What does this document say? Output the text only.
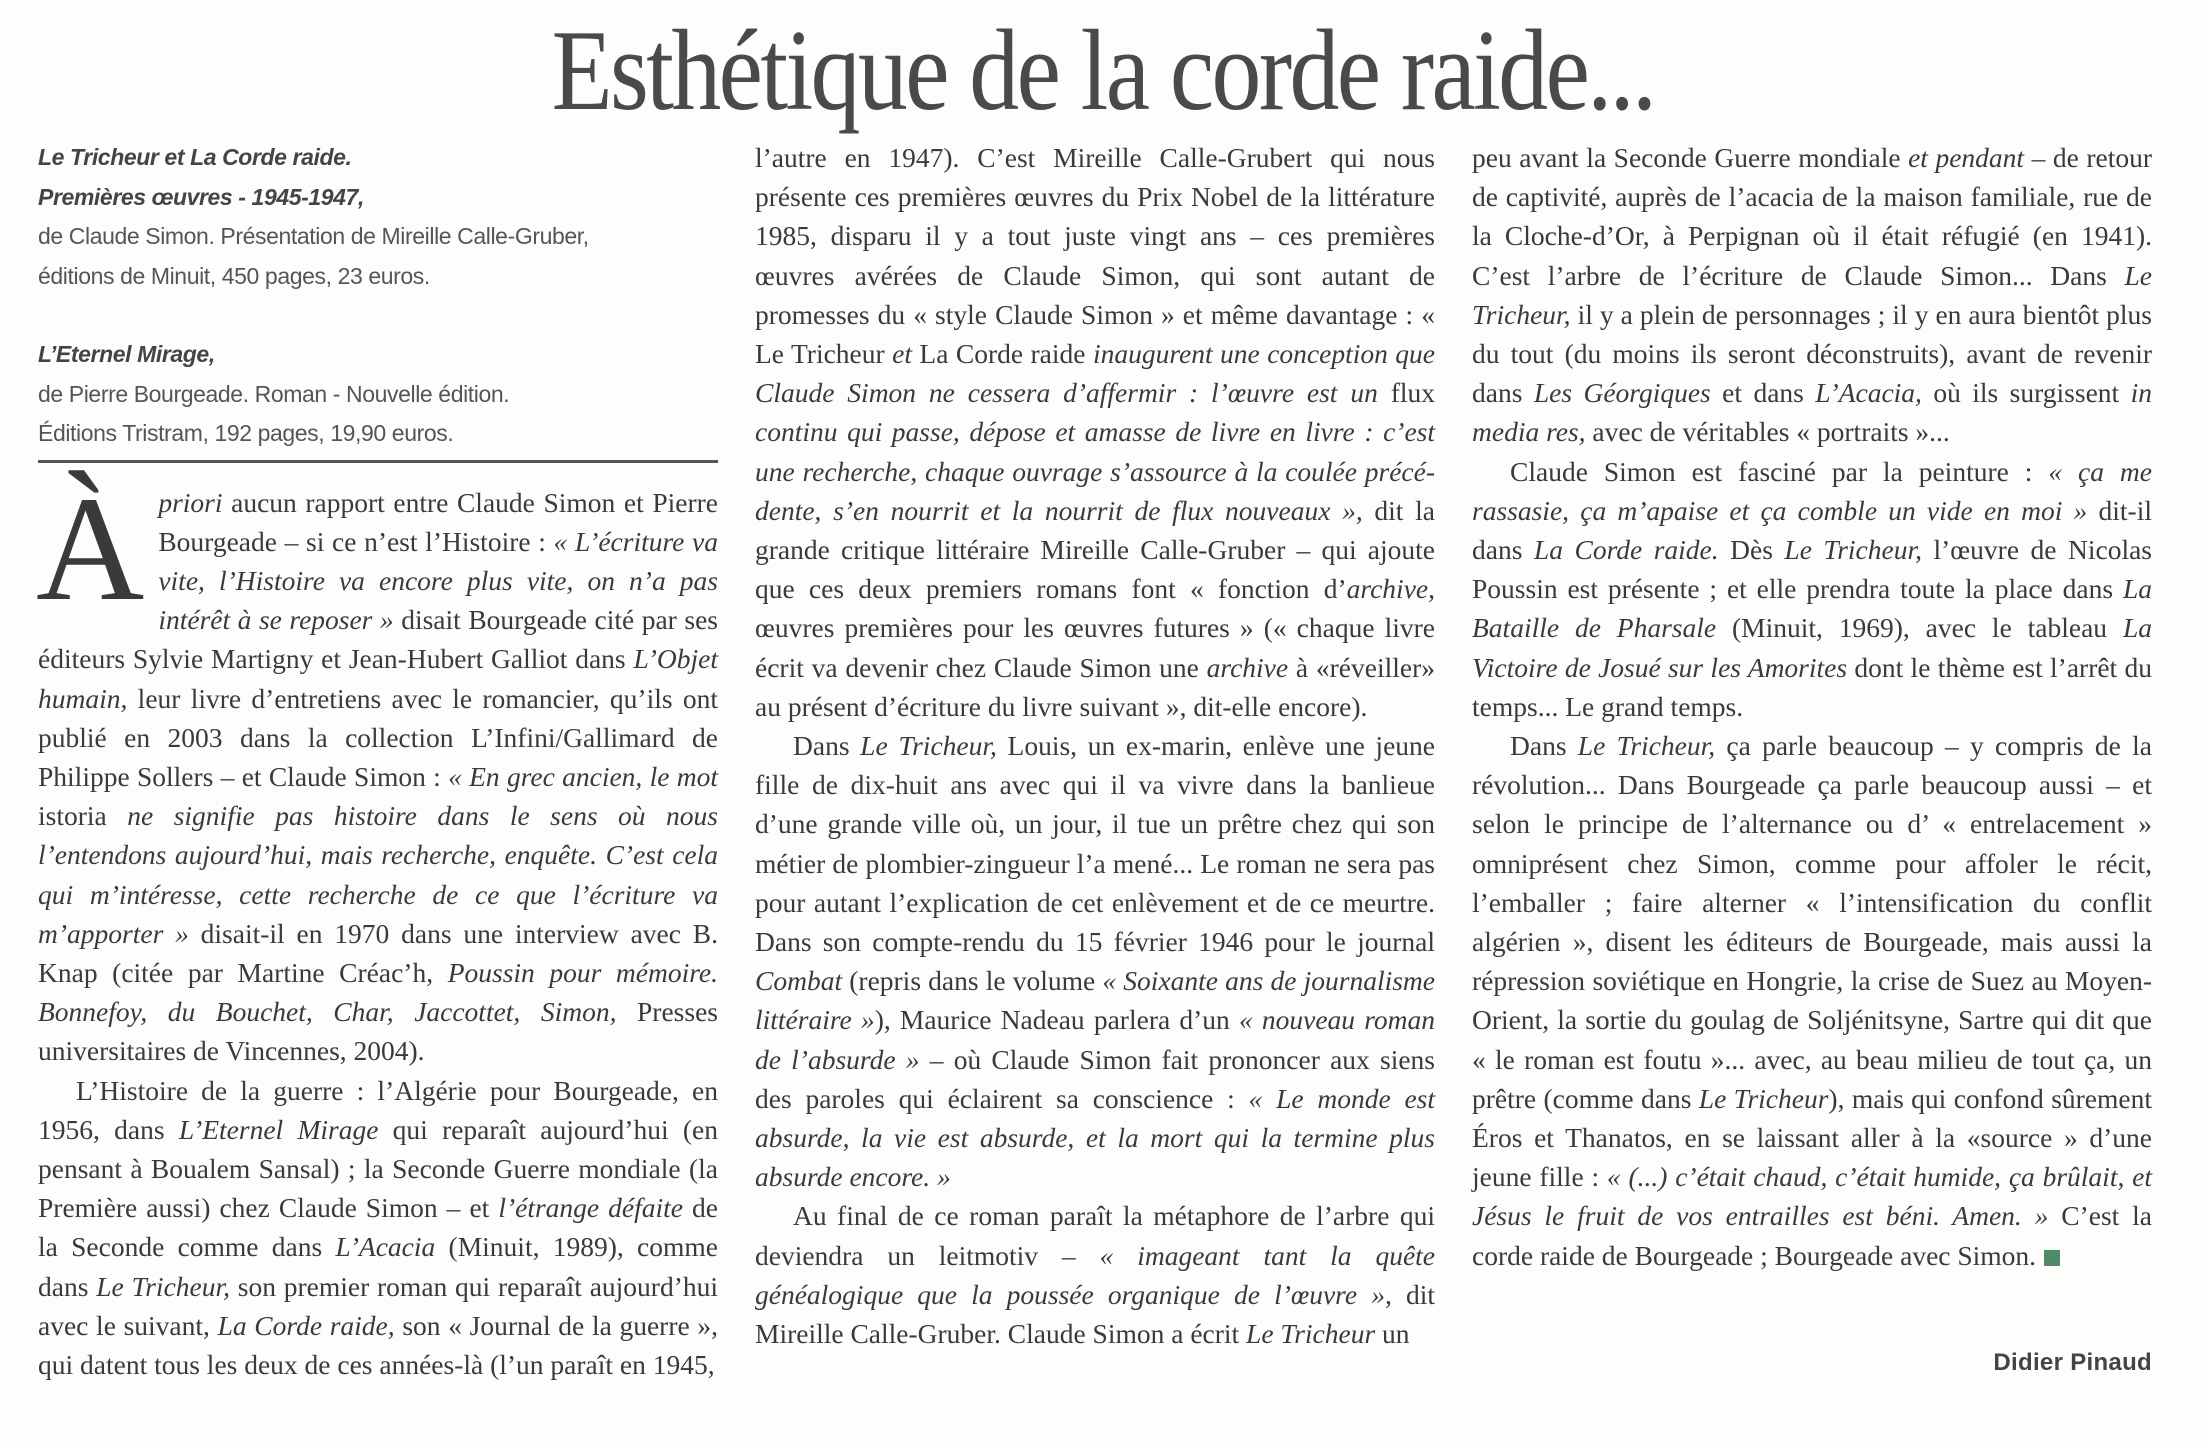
Esthétique de la corde raide...
Le Tricheur et La Corde raide.
Premières œuvres - 1945-1947,
de Claude Simon. Présentation de Mireille Calle-Gruber,
éditions de Minuit, 450 pages, 23 euros.
L’Eternel Mirage,
de Pierre Bourgeade. Roman - Nouvelle édition.
Éditions Tristram, 192 pages, 19,90 euros.

Àpriori aucun rapport entre Claude Simon et Pierre Bourgeade – si ce n’est l’Histoire : « L’écriture va vite, l’Histoire va encore plus vite, on n’a pas intérêt à se reposer » disait Bourgeade cité par ses éditeurs Sylvie Martigny et Jean-Hubert Galliot dans L’Objet humain, leur livre d’entretiens avec le romancier, qu’ils ont publié en 2003 dans la collection L’Infini/Gallimard de Philippe Sollers – et Claude Simon : « En grec ancien, le mot istoria ne signifie pas histoire dans le sens où nous l’entendons aujourd’hui, mais recherche, enquête. C’est cela qui m’intéresse, cette recherche de ce que l’écriture va m’apporter » disait-il en 1970 dans une interview avec B. Knap (citée par Martine Créac’h, Poussin pour mémoire. Bonnefoy, du Bouchet, Char, Jaccottet, Simon, Presses universitaires de Vincennes, 2004).

L’Histoire de la guerre : l’Algérie pour Bourgeade, en 1956, dans L’Eternel Mirage qui reparaît aujourd’hui (en pensant à Boualem Sansal) ; la Seconde Guerre mondiale (la Première aussi) chez Claude Simon – et l’étrange défaite de la Seconde comme dans L’Acacia (Minuit, 1989), comme dans Le Tricheur, son premier roman qui reparaît aujourd’hui avec le suivant, La Corde raide, son « Journal de la guerre », qui datent tous les deux de ces années-là (l’un paraît en 1945,

l’autre en 1947). C’est Mireille Calle-Grubert qui nous présente ces premières œuvres du Prix Nobel de la littérature 1985, disparu il y a tout juste vingt ans – ces premières œuvres avérées de Claude Simon, qui sont autant de promesses du « style Claude Simon » et même davantage : « Le Tricheur et La Corde raide inaugurent une conception que Claude Simon ne cessera d’affermir : l’œuvre est un flux continu qui passe, dépose et amasse de livre en livre : c’est une recherche, chaque ouvrage s’assource à la coulée précédente, s’en nourrit et la nourrit de flux nouveaux », dit la grande critique littéraire Mireille Calle-Gruber – qui ajoute que ces deux premiers romans font « fonction d’archive, œuvres premières pour les œuvres futures » (« chaque livre écrit va devenir chez Claude Simon une archive à «réveiller» au présent d’écriture du livre suivant », dit-elle encore).

Dans Le Tricheur, Louis, un ex-marin, enlève une jeune fille de dix-huit ans avec qui il va vivre dans la banlieue d’une grande ville où, un jour, il tue un prêtre chez qui son métier de plombier-zingueur l’a mené... Le roman ne sera pas pour autant l’explication de cet enlèvement et de ce meurtre. Dans son compte-rendu du 15 février 1946 pour le journal Combat (repris dans le volume « Soixante ans de journalisme littéraire »), Maurice Nadeau parlera d’un « nouveau roman de l’absurde » – où Claude Simon fait prononcer aux siens des paroles qui éclairent sa conscience : « Le monde est absurde, la vie est absurde, et la mort qui la termine plus absurde encore. »

Au final de ce roman paraît la métaphore de l’arbre qui deviendra un leitmotiv – « imageant tant la quête généalogique que la poussée organique de l’œuvre », dit Mireille Calle-Gruber. Claude Simon a écrit Le Tricheur un

peu avant la Seconde Guerre mondiale et pendant – de retour de captivité, auprès de l’acacia de la maison familiale, rue de la Cloche-d’Or, à Perpignan où il était réfugié (en 1941). C’est l’arbre de l’écriture de Claude Simon... Dans Le Tricheur, il y a plein de personnages ; il y en aura bientôt plus du tout (du moins ils seront déconstruits), avant de revenir dans Les Géorgiques et dans L’Acacia, où ils surgissent in media res, avec de véritables « portraits »...

Claude Simon est fasciné par la peinture : « ça me rassasie, ça m’apaise et ça comble un vide en moi » dit-il dans La Corde raide. Dès Le Tricheur, l’œuvre de Nicolas Poussin est présente ; et elle prendra toute la place dans La Bataille de Pharsale (Minuit, 1969), avec le tableau La Victoire de Josué sur les Amorites dont le thème est l’arrêt du temps... Le grand temps.

Dans Le Tricheur, ça parle beaucoup – y compris de la révolution... Dans Bourgeade ça parle beaucoup aussi – et selon le principe de l’alternance ou d’ « entrelacement » omniprésent chez Simon, comme pour affoler le récit, l’emballer ; faire alterner « l’intensification du conflit algérien », disent les éditeurs de Bourgeade, mais aussi la répression soviétique en Hongrie, la crise de Suez au Moyen-Orient, la sortie du goulag de Soljénitsyne, Sartre qui dit que « le roman est foutu »... avec, au beau milieu de tout ça, un prêtre (comme dans Le Tricheur), mais qui confond sûrement Éros et Thanatos, en se laissant aller à la «source » d’une jeune fille : « (...) c’était chaud, c’était humide, ça brûlait, et Jésus le fruit de vos entrailles est béni. Amen. » C’est la corde raide de Bourgeade ; Bourgeade avec Simon.

Didier Pinaud
